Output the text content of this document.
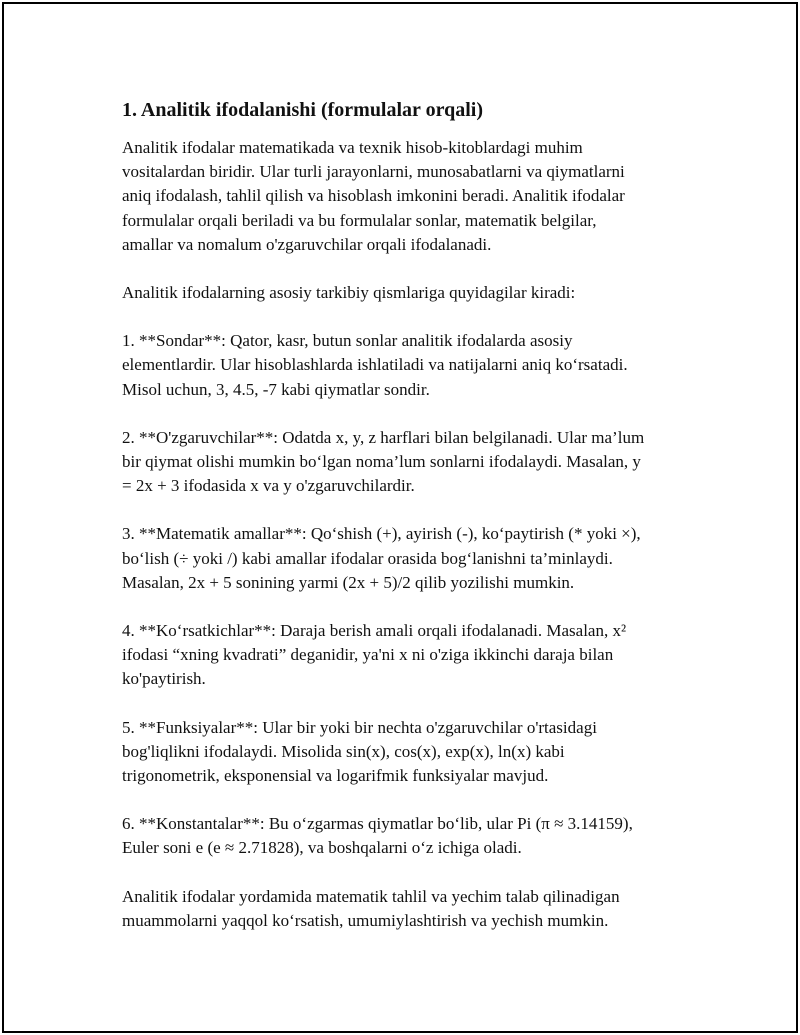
1. Analitik ifodalanishi (formulalar orqali)

Analitik ifodalar matematikada va texnik hisob-kitoblardagi muhim
vositalardan biridir. Ular turli jarayonlarni, munosabatlarni va qiymatlarni
aniq ifodalash, tahlil qilish va hisoblash imkonini beradi. Analitik ifodalar
formulalar orqali beriladi va bu formulalar sonlar, matematik belgilar,
amallar va nomalum o'zgaruvchilar orqali ifodalanadi.

Analitik ifodalarning asosiy tarkibiy qismlariga quyidagilar kiradi:

1. **Sondar**: Qator, kasr, butun sonlar analitik ifodalarda asosiy
elementlardir. Ular hisoblashlarda ishlatiladi va natijalarni aniq ko‘rsatadi.
Misol uchun, 3, 4.5, -7 kabi qiymatlar sondir.

2. **O'zgaruvchilar**: Odatda x, y, z harflari bilan belgilanadi. Ular ma’lum
bir qiymat olishi mumkin bo‘lgan noma’lum sonlarni ifodalaydi. Masalan, y
= 2x + 3 ifodasida x va y o'zgaruvchilardir.

3. **Matematik amallar**: Qo‘shish (+), ayirish (-), ko‘paytirish (* yoki ×),
bo‘lish (÷ yoki /) kabi amallar ifodalar orasida bog‘lanishni ta’minlaydi.
Masalan, 2x + 5 sonining yarmi (2x + 5)/2 qilib yozilishi mumkin.

4. **Ko‘rsatkichlar**: Daraja berish amali orqali ifodalanadi. Masalan, x²
ifodasi “xning kvadrati” deganidir, ya'ni x ni o'ziga ikkinchi daraja bilan
ko'paytirish.

5. **Funksiyalar**: Ular bir yoki bir nechta o'zgaruvchilar o'rtasidagi
bog'liqlikni ifodalaydi. Misolida sin(x), cos(x), exp(x), ln(x) kabi
trigonometrik, eksponensial va logarifmik funksiyalar mavjud.

6. **Konstantalar**: Bu o‘zgarmas qiymatlar bo‘lib, ular Pi (π ≈ 3.14159),
Euler soni e (e ≈ 2.71828), va boshqalarni o‘z ichiga oladi.

Analitik ifodalar yordamida matematik tahlil va yechim talab qilinadigan
muammolarni yaqqol ko‘rsatish, umumiylashtirish va yechish mumkin.
